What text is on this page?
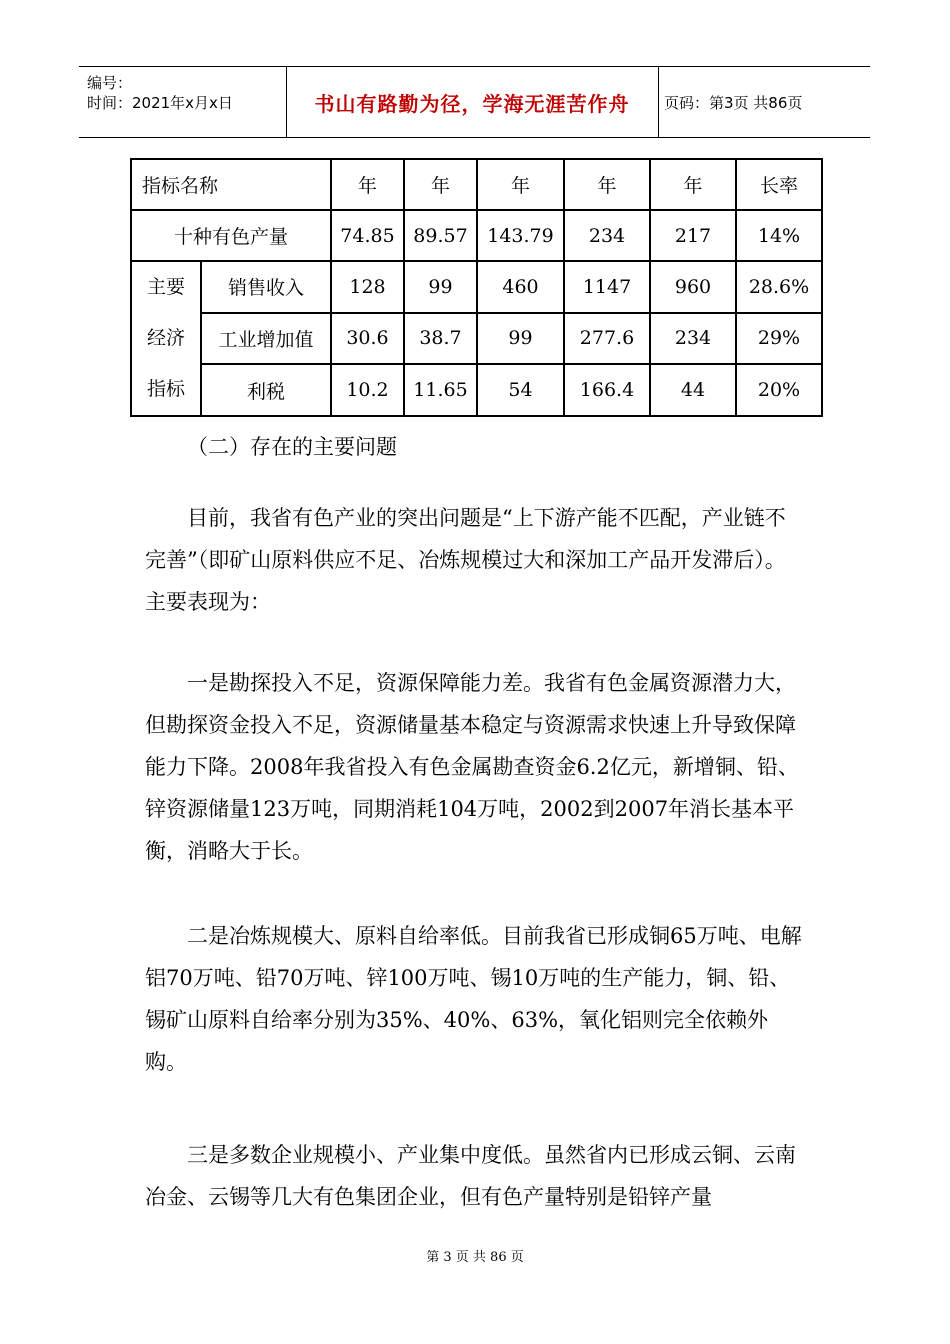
编号：
时间：2021年x月x日	书山有路勤为径，学海无涯苦作舟	页码：第3页 共86页
指标名称		年	年	年	年	年	长率
十种有色产量		74.85	89.57	143.79	234	217	14%

主要
经济
指标	销售收入	128	99	460	1147	960	28.6%
	工业增加值	30.6	38.7	99	277.6	234	29%
	利税	10.2	11.65	54	166.4	44	20%
（二）存在的主要问题
目前，我省有色产业的突出问题是“上下游产能不匹配，产业链不完善”（即矿山原料供应不足、冶炼规模过大和深加工产品开发滞后）。主要表现为：
一是勘探投入不足，资源保障能力差。我省有色金属资源潜力大，但勘探资金投入不足，资源储量基本稳定与资源需求快速上升导致保障能力下降。2008年我省投入有色金属勘查资金6.2亿元，新增铜、铅、锌资源储量123万吨，同期消耗104万吨，2002到2007年消长基本平衡，消略大于长。
二是冶炼规模大、原料自给率低。目前我省已形成铜65万吨、电解铝70万吨、铅70万吨、锌100万吨、锡10万吨的生产能力，铜、铅、锡矿山原料自给率分别为35%、40%、63%，氧化铝则完全依赖外购。
三是多数企业规模小、产业集中度低。虽然省内已形成云铜、云南冶金、云锡等几大有色集团企业，但有色产量特别是铅锌产量
第 3 页 共 86 页
